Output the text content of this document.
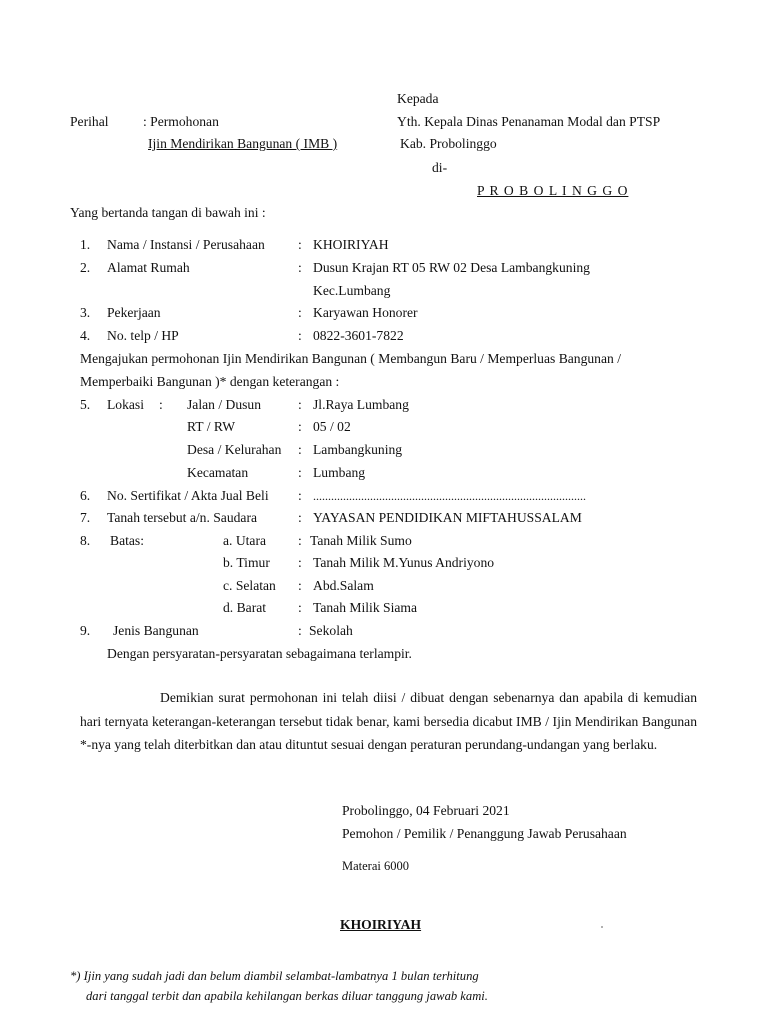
Kepada
Perihal	: Permohonan
Ijin Mendirikan Bangunan ( IMB )
Yth. Kepala Dinas Penanaman Modal dan PTSP
Kab. Probolinggo
di-
P R O B O L I N G G O
Yang bertanda tangan di bawah ini :
1. Nama / Instansi / Perusahaan : KHOIRIYAH
2. Alamat Rumah	: Dusun Krajan RT 05 RW 02 Desa Lambangkuning
Kec.Lumbang
3. Pekerjaan	: Karyawan Honorer
4. No. telp / HP	: 0822-3601-7822
Mengajukan permohonan Ijin Mendirikan Bangunan ( Membangun Baru / Memperluas Bangunan /
Memperbaiki Bangunan )* dengan keterangan :
5. Lokasi : Jalan / Dusun	: Jl.Raya Lumbang
RT / RW	: 05 / 02
Desa / Kelurahan : Lambangkuning
Kecamatan	: Lumbang
6. No. Sertifikat / Akta Jual Beli : ...........................................................................................
7. Tanah tersebut a/n. Saudara	: YAYASAN PENDIDIKAN MIFTAHUSSALAM
8. Batas:	a. Utara : Tanah Milik Sumo
b. Timur : Tanah Milik M.Yunus Andriyono
c. Selatan : Abd.Salam
d. Barat : Tanah Milik Siama
9. Jenis Bangunan	: Sekolah
Dengan persyaratan-persyaratan sebagaimana terlampir.
Demikian surat permohonan ini telah diisi / dibuat dengan sebenarnya dan apabila di kemudian hari ternyata keterangan-keterangan tersebut tidak benar, kami bersedia dicabut IMB / Ijin Mendirikan Bangunan *-nya yang telah diterbitkan dan atau dituntut sesuai dengan peraturan perundang-undangan yang berlaku.
Probolinggo, 04 Februari 2021
Pemohon / Pemilik / Penanggung Jawab Perusahaan
Materai 6000
KHOIRIYAH
*) Ijin yang sudah jadi dan belum diambil selambat-lambatnya 1 bulan terhitung
dari tanggal terbit dan apabila kehilangan berkas diluar tanggung jawab kami.
